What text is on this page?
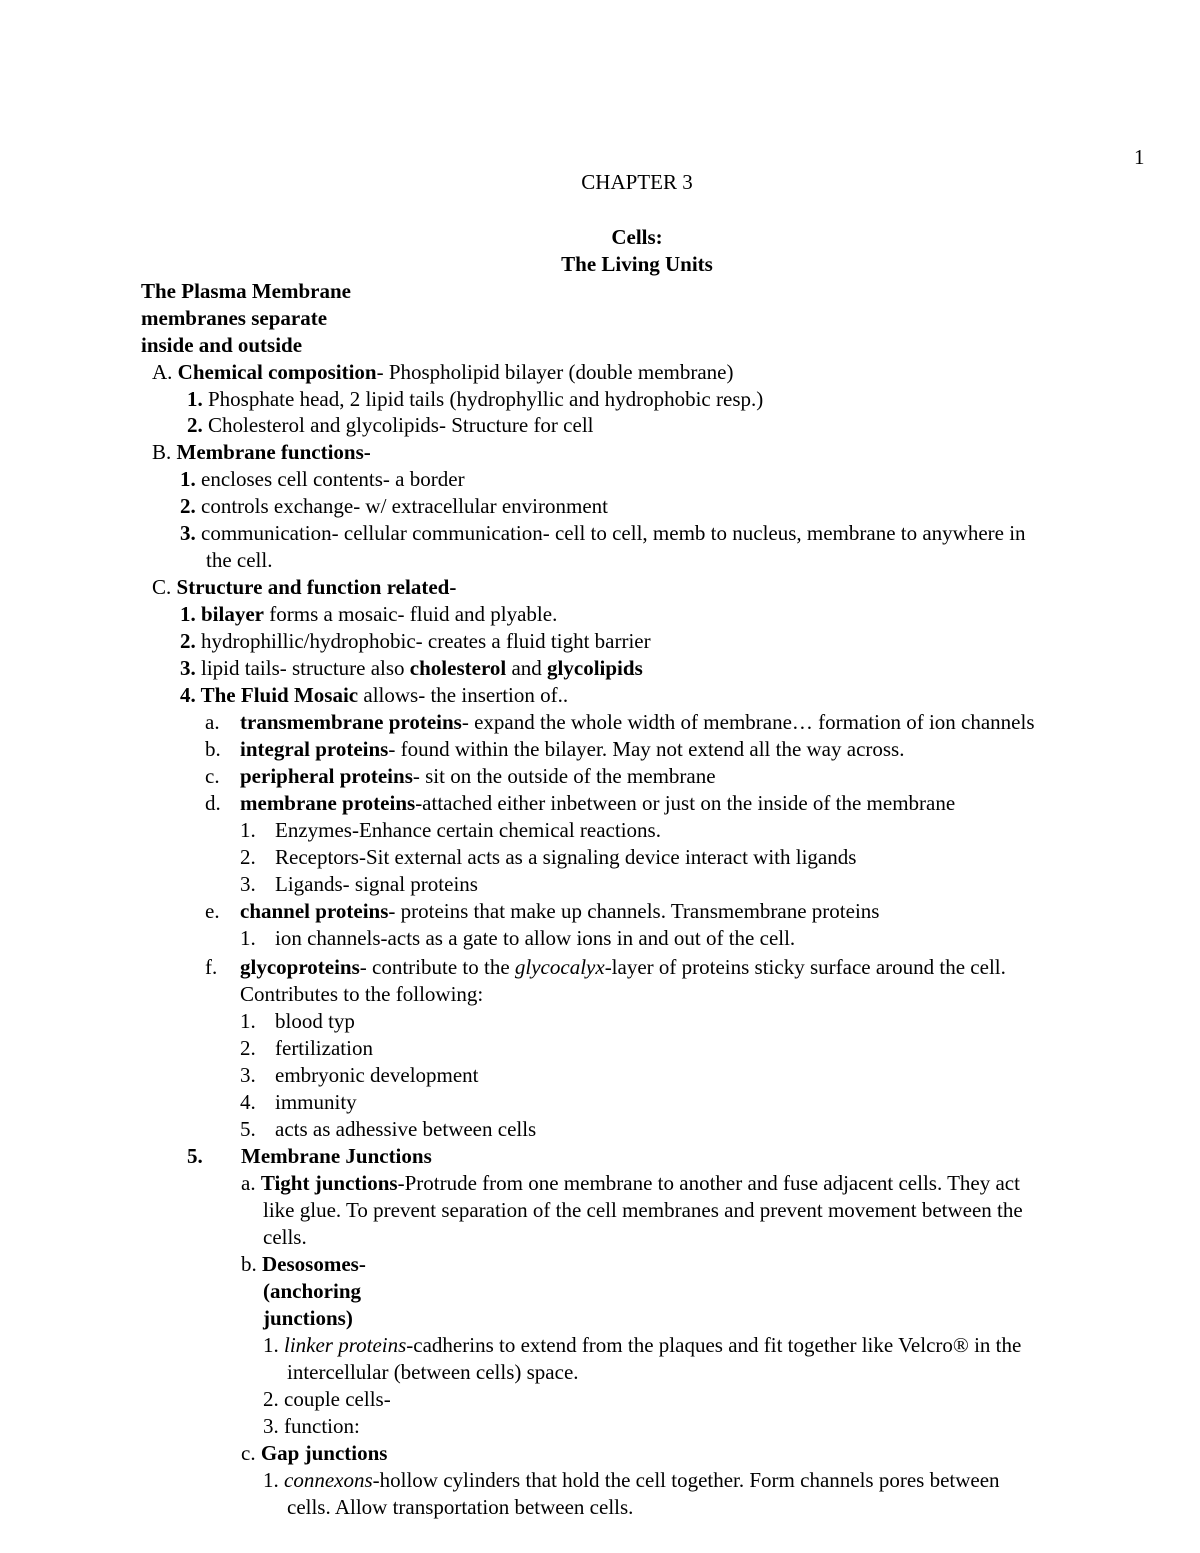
1
CHAPTER 3
Cells:
The Living Units
The Plasma Membrane
membranes separate
inside and outside
A. Chemical composition- Phospholipid bilayer (double membrane)
1. Phosphate head, 2 lipid tails (hydrophyllic and hydrophobic resp.)
2. Cholesterol and glycolipids- Structure for cell
B. Membrane functions-
1. encloses cell contents- a border
2. controls exchange- w/ extracellular environment
3. communication- cellular communication- cell to cell, memb to nucleus, membrane to anywhere in
the cell.
C. Structure and function related-
1. bilayer forms a mosaic- fluid and plyable.
2. hydrophillic/hydrophobic- creates a fluid tight barrier
3. lipid tails- structure also cholesterol and glycolipids
4. The Fluid Mosaic allows- the insertion of..
a. transmembrane proteins- expand the whole width of membrane… formation of ion channels
b. integral proteins- found within the bilayer. May not extend all the way across.
c. peripheral proteins- sit on the outside of the membrane
d. membrane proteins-attached either inbetween or just on the inside of the membrane
1. Enzymes-Enhance certain chemical reactions.
2. Receptors-Sit external acts as a signaling device interact with ligands
3. Ligands- signal proteins
e. channel proteins- proteins that make up channels. Transmembrane proteins
1. ion channels-acts as a gate to allow ions in and out of the cell.
f. glycoproteins- contribute to the glycocalyx-layer of proteins sticky surface around the cell.
Contributes to the following:
1. blood typ
2. fertilization
3. embryonic development
4. immunity
5. acts as adhessive between cells
5. Membrane Junctions
a. Tight junctions-Protrude from one membrane to another and fuse adjacent cells. They act
like glue. To prevent separation of the cell membranes and prevent movement between the
cells.
b. Desosomes-
(anchoring
junctions)
1. linker proteins-cadherins to extend from the plaques and fit together like Velcro® in the
intercellular (between cells) space.
2. couple cells-
3. function:
c. Gap junctions
1. connexons-hollow cylinders that hold the cell together. Form channels pores between
cells. Allow transportation between cells.
